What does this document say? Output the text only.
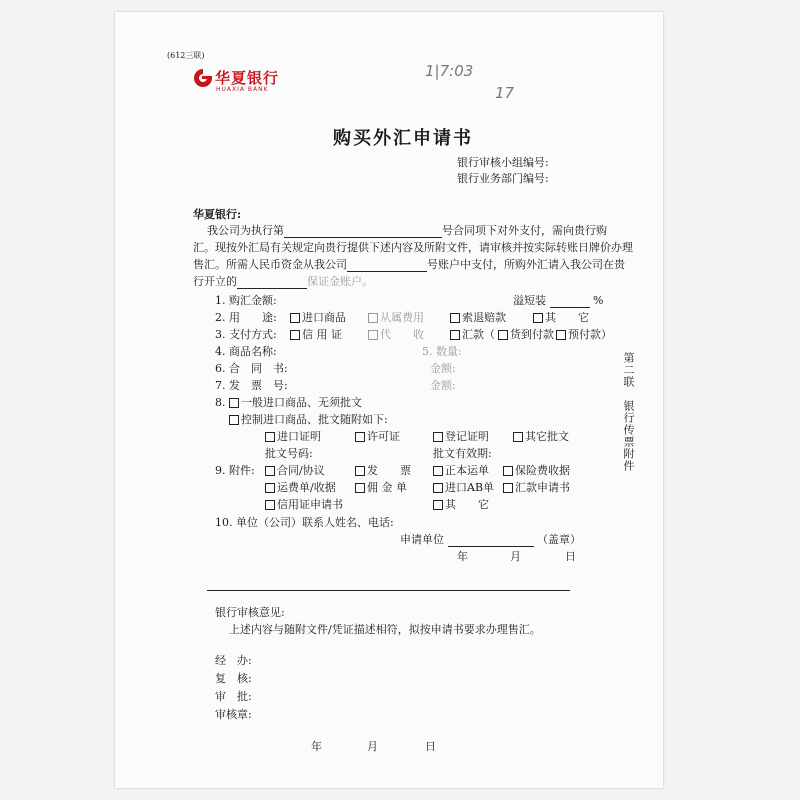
(612三联)
华夏银行
HUAXIA BANK
1|7:03
17
购买外汇申请书
银行审核小组编号:
银行业务部门编号:
华夏银行:
我公司为执行第	号合同项下对外支付，需向贵行购
汇。现按外汇局有关规定向贵行提供下述内容及所附文件，请审核并按实际转账日牌价办理
售汇。所需人民币资金从我公司	号账户中支付，所购外汇请入我公司在贵
行开立的	保证金账户。
1. 购汇金额:	溢短装	%
2. 用　　途:	进口商品	从属费用	索退赔款	其　　它
3. 支付方式:	信 用 证	代　　收	汇款（	货到付款	预付款）
4. 商品名称:	5. 数量:
6. 合　同　书:	金额:
7. 发　票　号:	金额:
8. 一般进口商品、无须批文
控制进口商品、批文随附如下:
进口证明	许可证	登记证明	其它批文
批文号码:	批文有效期:
9. 附件:	合同/协议	发　　票	正本运单	保险费收据
运费单/收据	佣 金 单	进口AB单	汇款申请书
信用证申请书	其　　它
10. 单位（公司）联系人姓名、电话:
申请单位	（盖章）
年	月	日
银行审核意见:
上述内容与随附文件/凭证描述相符，拟按申请书要求办理售汇。
经　办:
复　核:
审　批:
审核章:
年	月	日
第二联　银行传票附件
